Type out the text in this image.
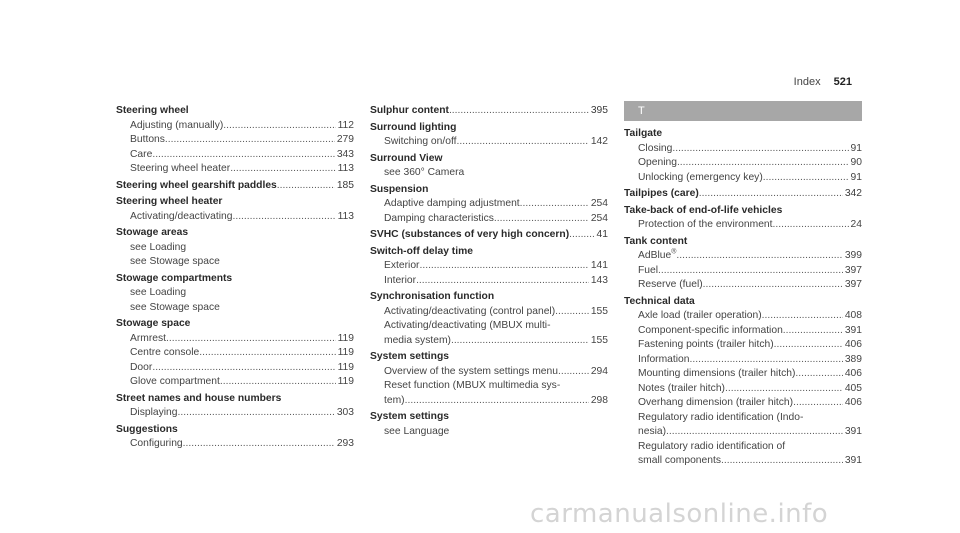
Index 521
Steering wheel
Adjusting (manually) .....	112
Buttons .....	279
Care .....	343
Steering wheel heater .....	113
Steering wheel gearshift paddles .....	185
Steering wheel heater
Activating/deactivating .....	113
Stowage areas
see Loading
see Stowage space
Stowage compartments
see Loading
see Stowage space
Stowage space
Armrest .....	119
Centre console .....	119
Door .....	119
Glove compartment .....	119
Street names and house numbers
Displaying .....	303
Suggestions
Configuring .....	293
Sulphur content .....	395
Surround lighting
Switching on/off .....	142
Surround View
see 360° Camera
Suspension
Adaptive damping adjustment .....	254
Damping characteristics .....	254
SVHC (substances of very high concern) .....	41
Switch-off delay time
Exterior .....	141
Interior .....	143
Synchronisation function
Activating/deactivating (control panel) .....	155
Activating/deactivating (MBUX multi-
media system) .....	155
System settings
Overview of the system settings menu .....	294
Reset function (MBUX multimedia sys-
tem) .....	298
System settings
see Language
T
Tailgate
Closing .....	91
Opening .....	90
Unlocking (emergency key) .....	91
Tailpipes (care) .....	342
Take-back of end-of-life vehicles
Protection of the environment .....	24
Tank content
AdBlue® .....	399
Fuel .....	397
Reserve (fuel) .....	397
Technical data
Axle load (trailer operation) .....	408
Component-specific information .....	391
Fastening points (trailer hitch) .....	406
Information .....	389
Mounting dimensions (trailer hitch) .....	406
Notes (trailer hitch) .....	405
Overhang dimension (trailer hitch) .....	406
Regulatory radio identification (Indo-
nesia) .....	391
Regulatory radio identification of
small components .....	391
carmanualsonline.info
